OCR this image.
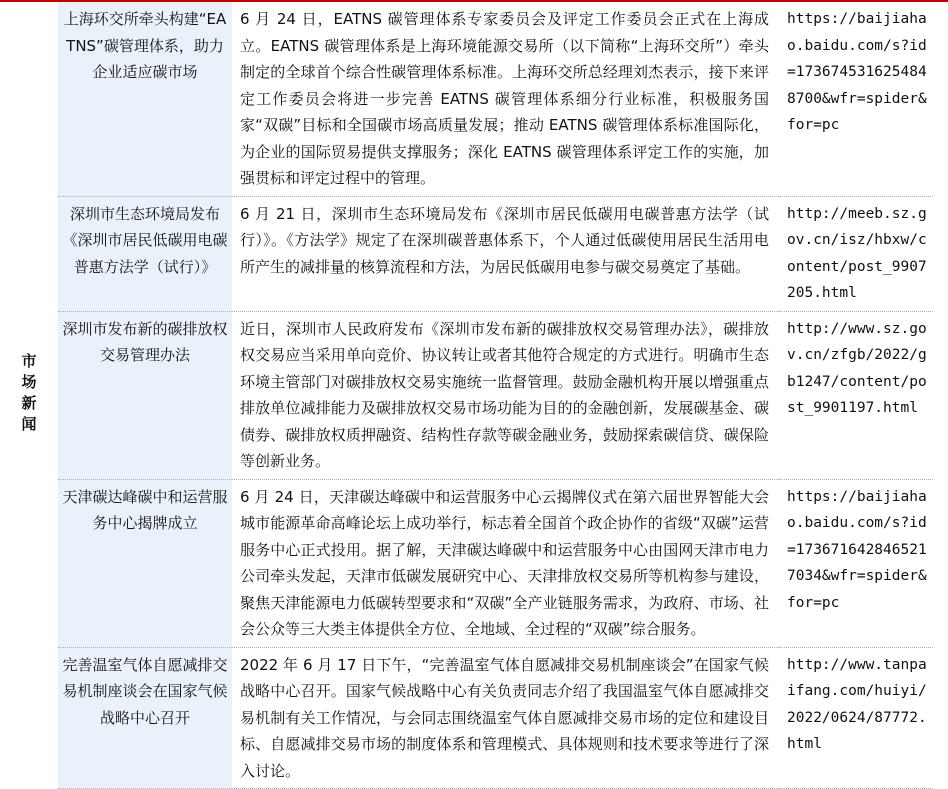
市场新闻
上海环交所牵头构建“EATNS”碳管理体系，助力企业适应碳市场	6 月 24 日，EATNS 碳管理体系专家委员会及评定工作委员会正式在上海成立。EATNS 碳管理体系是上海环境能源交易所（以下简称“上海环交所”）牵头制定的全球首个综合性碳管理体系标准。上海环交所总经理刘杰表示，接下来评定工作委员会将进一步完善 EATNS 碳管理体系细分行业标准，积极服务国家“双碳”目标和全国碳市场高质量发展；推动 EATNS 碳管理体系标准国际化，为企业的国际贸易提供支撑服务；深化 EATNS 碳管理体系评定工作的实施，加强贯标和评定过程中的管理。	https://baijiahao.baidu.com/s?id=1736745316254848700&wfr=spider&for=pc
深圳市生态环境局发布《深圳市居民低碳用电碳普惠方法学（试行）》	6 月 21 日，深圳市生态环境局发布《深圳市居民低碳用电碳普惠方法学（试行）》。《方法学》规定了在深圳碳普惠体系下，个人通过低碳使用居民生活用电所产生的减排量的核算流程和方法，为居民低碳用电参与碳交易奠定了基础。	http://meeb.sz.gov.cn/isz/hbxw/content/post_9907205.html
深圳市发布新的碳排放权交易管理办法	近日，深圳市人民政府发布《深圳市发布新的碳排放权交易管理办法》，碳排放权交易应当采用单向竞价、协议转让或者其他符合规定的方式进行。明确市生态环境主管部门对碳排放权交易实施统一监督管理。鼓励金融机构开展以增强重点排放单位减排能力及碳排放权交易市场功能为目的的金融创新，发展碳基金、碳债券、碳排放权质押融资、结构性存款等碳金融业务，鼓励探索碳信贷、碳保险等创新业务。	http://www.sz.gov.cn/zfgb/2022/gb1247/content/post_9901197.html
天津碳达峰碳中和运营服务中心揭牌成立	6 月 24 日，天津碳达峰碳中和运营服务中心云揭牌仪式在第六届世界智能大会城市能源革命高峰论坛上成功举行，标志着全国首个政企协作的省级“双碳”运营服务中心正式投用。据了解，天津碳达峰碳中和运营服务中心由国网天津市电力公司牵头发起，天津市低碳发展研究中心、天津排放权交易所等机构参与建设，聚焦天津能源电力低碳转型要求和“双碳”全产业链服务需求，为政府、市场、社会公众等三大类主体提供全方位、全地域、全过程的“双碳”综合服务。	https://baijiahao.baidu.com/s?id=1736716428465217034&wfr=spider&for=pc
完善温室气体自愿减排交易机制座谈会在国家气候战略中心召开	2022 年 6 月 17 日下午，“完善温室气体自愿减排交易机制座谈会”在国家气候战略中心召开。国家气候战略中心有关负责同志介绍了我国温室气体自愿减排交易机制有关工作情况，与会同志围绕温室气体自愿减排交易市场的定位和建设目标、自愿减排交易市场的制度体系和管理模式、具体规则和技术要求等进行了深入讨论。	http://www.tanpaifang.com/huiyi/2022/0624/87772.html
